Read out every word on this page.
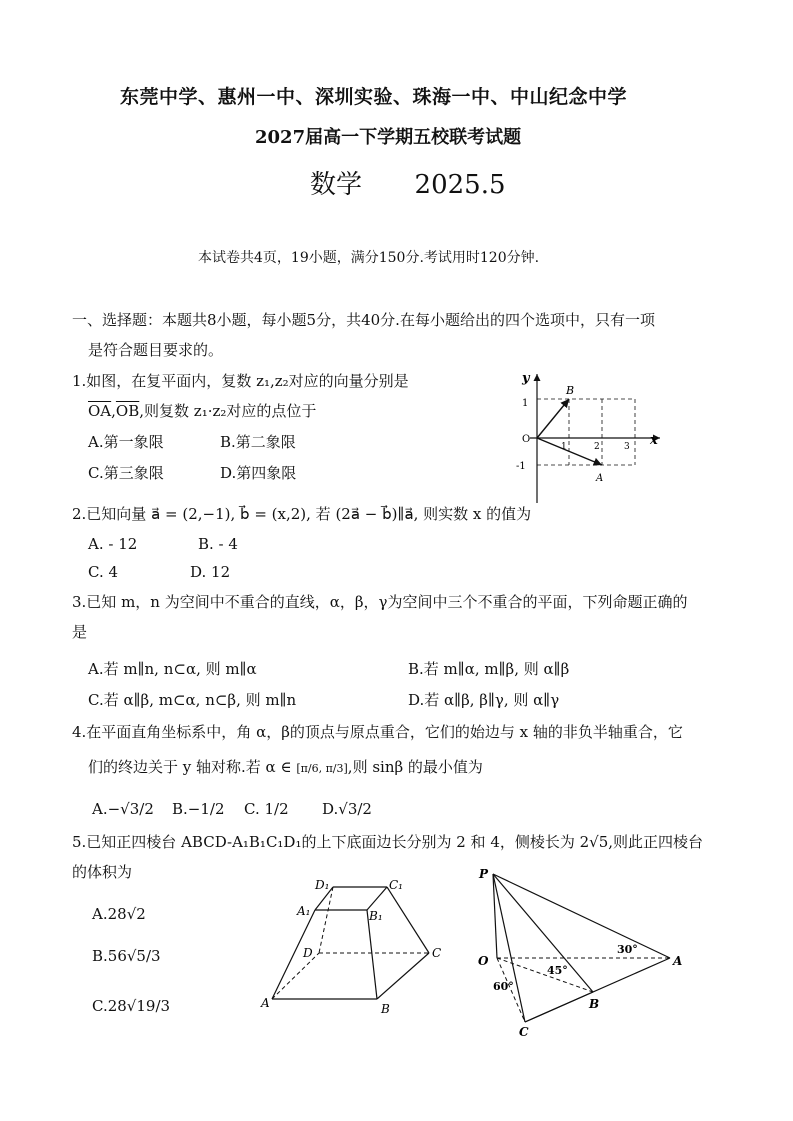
东莞中学、惠州一中、深圳实验、珠海一中、中山纪念中学
2027届高一下学期五校联考试题
数学 2025.5
本试卷共4页，19小题，满分150分.考试用时120分钟.
一、选择题：本题共8小题，每小题5分，共40分.在每小题给出的四个选项中，只有一项
是符合题目要求的。
1.如图，在复平面内，复数 z₁,z₂对应的向量分别是
$\overline{OA},\overline{OB}$,则复数 z₁·z₂对应的点位于
A.第一象限	B.第二象限
C.第三象限	D.第四象限
y
x
O
B
A
1
-1
1	2	3
2.已知向量 a⃗ = (2,−1), b⃗ = (x,2), 若 (2a⃗ − b⃗)∥a⃗, 则实数 x 的值为
A. - 12	B. - 4
C. 4	D. 12
3.已知 m，n 为空间中不重合的直线，α，β，γ为空间中三个不重合的平面，下列命题正确的
是
A.若 m∥n, n⊂α, 则 m∥α	B.若 m∥α, m∥β, 则 α∥β
C.若 α∥β, m⊂α, n⊂β, 则 m∥n	D.若 α∥β, β∥γ, 则 α∥γ
4.在平面直角坐标系中，角 α，β的顶点与原点重合，它们的始边与 x 轴的非负半轴重合，它
们的终边关于 y 轴对称.若 α ∈ [π/6, π/3],则 sinβ 的最小值为
A.−√3/2 B.−1/2 C. 1/2 D.√3/2
5.已知正四棱台 ABCD-A₁B₁C₁D₁的上下底面边长分别为 2 和 4，侧棱长为 2√5,则此正四棱台
的体积为
A.28√2
B.56√5/3
C.28√19/3
D₁	C₁
A₁	B₁
D	C
A	B
P
O	A
B
C
30°
45°
60°
